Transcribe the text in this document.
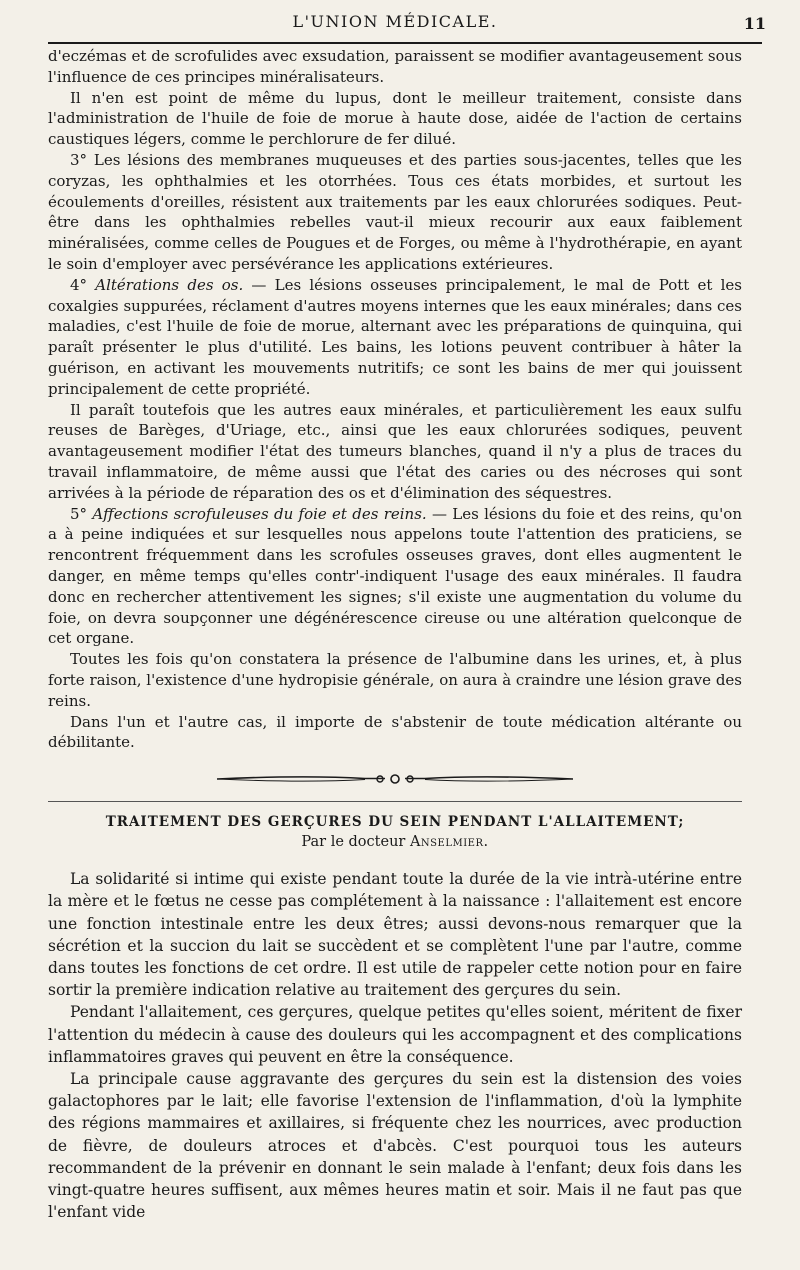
L'UNION MÉDICALE.	11

d'eczémas et de scrofulides avec exsudation, paraissent se modifier avantageusement sous l'influence de ces principes minéralisateurs.

Il n'en est point de même du lupus, dont le meilleur traitement, consiste dans l'administration de l'huile de foie de morue à haute dose, aidée de l'action de certains caustiques légers, comme le perchlorure de fer dilué.

3° Les lésions des membranes muqueuses et des parties sous-jacentes, telles que les coryzas, les ophthalmies et les otorrhées. Tous ces états morbides, et surtout les écoulements d'oreilles, résistent aux traitements par les eaux chlorurées sodiques. Peut-être dans les ophthalmies rebelles vaut-il mieux recourir aux eaux faiblement minéralisées, comme celles de Pougues et de Forges, ou même à l'hydrothérapie, en ayant le soin d'employer avec persévérance les applications extérieures.

4° Altérations des os. — Les lésions osseuses principalement, le mal de Pott et les coxalgies suppurées, réclament d'autres moyens internes que les eaux minérales; dans ces maladies, c'est l'huile de foie de morue, alternant avec les préparations de quinquina, qui paraît présenter le plus d'utilité. Les bains, les lotions peuvent contribuer à hâter la guérison, en activant les mouvements nutritifs; ce sont les bains de mer qui jouissent principalement de cette propriété.

Il paraît toutefois que les autres eaux minérales, et particulièrement les eaux sulfu reuses de Barèges, d'Uriage, etc., ainsi que les eaux chlorurées sodiques, peuvent avantageusement modifier l'état des tumeurs blanches, quand il n'y a plus de traces du travail inflammatoire, de même aussi que l'état des caries ou des nécroses qui sont arrivées à la période de réparation des os et d'élimination des séquestres.

5° Affections scrofuleuses du foie et des reins. — Les lésions du foie et des reins, qu'on a à peine indiquées et sur lesquelles nous appelons toute l'attention des praticiens, se rencontrent fréquemment dans les scrofules osseuses graves, dont elles augmentent le danger, en même temps qu'elles contr'-indiquent l'usage des eaux minérales. Il faudra donc en rechercher attentivement les signes; s'il existe une augmentation du volume du foie, on devra soupçonner une dégénérescence cireuse ou une altération quelconque de cet organe.

Toutes les fois qu'on constatera la présence de l'albumine dans les urines, et, à plus forte raison, l'existence d'une hydropisie générale, on aura à craindre une lésion grave des reins.

Dans l'un et l'autre cas, il importe de s'abstenir de toute médication altérante ou débilitante.

TRAITEMENT DES GERÇURES DU SEIN PENDANT L'ALLAITEMENT;
Par le docteur Anselmier.

La solidarité si intime qui existe pendant toute la durée de la vie intrà-utérine entre la mère et le fœtus ne cesse pas complétement à la naissance : l'allaitement est encore une fonction intestinale entre les deux êtres; aussi devons-nous remarquer que la sécrétion et la succion du lait se succèdent et se complètent l'une par l'autre, comme dans toutes les fonctions de cet ordre. Il est utile de rappeler cette notion pour en faire sortir la première indication relative au traitement des gerçures du sein.

Pendant l'allaitement, ces gerçures, quelque petites qu'elles soient, méritent de fixer l'attention du médecin à cause des douleurs qui les accompagnent et des complications inflammatoires graves qui peuvent en être la conséquence.

La principale cause aggravante des gerçures du sein est la distension des voies galactophores par le lait; elle favorise l'extension de l'inflammation, d'où la lymphite des régions mammaires et axillaires, si fréquente chez les nourrices, avec production de fièvre, de douleurs atroces et d'abcès. C'est pourquoi tous les auteurs recommandent de la prévenir en donnant le sein malade à l'enfant; deux fois dans les vingt-quatre heures suffisent, aux mêmes heures matin et soir. Mais il ne faut pas que l'enfant vide
